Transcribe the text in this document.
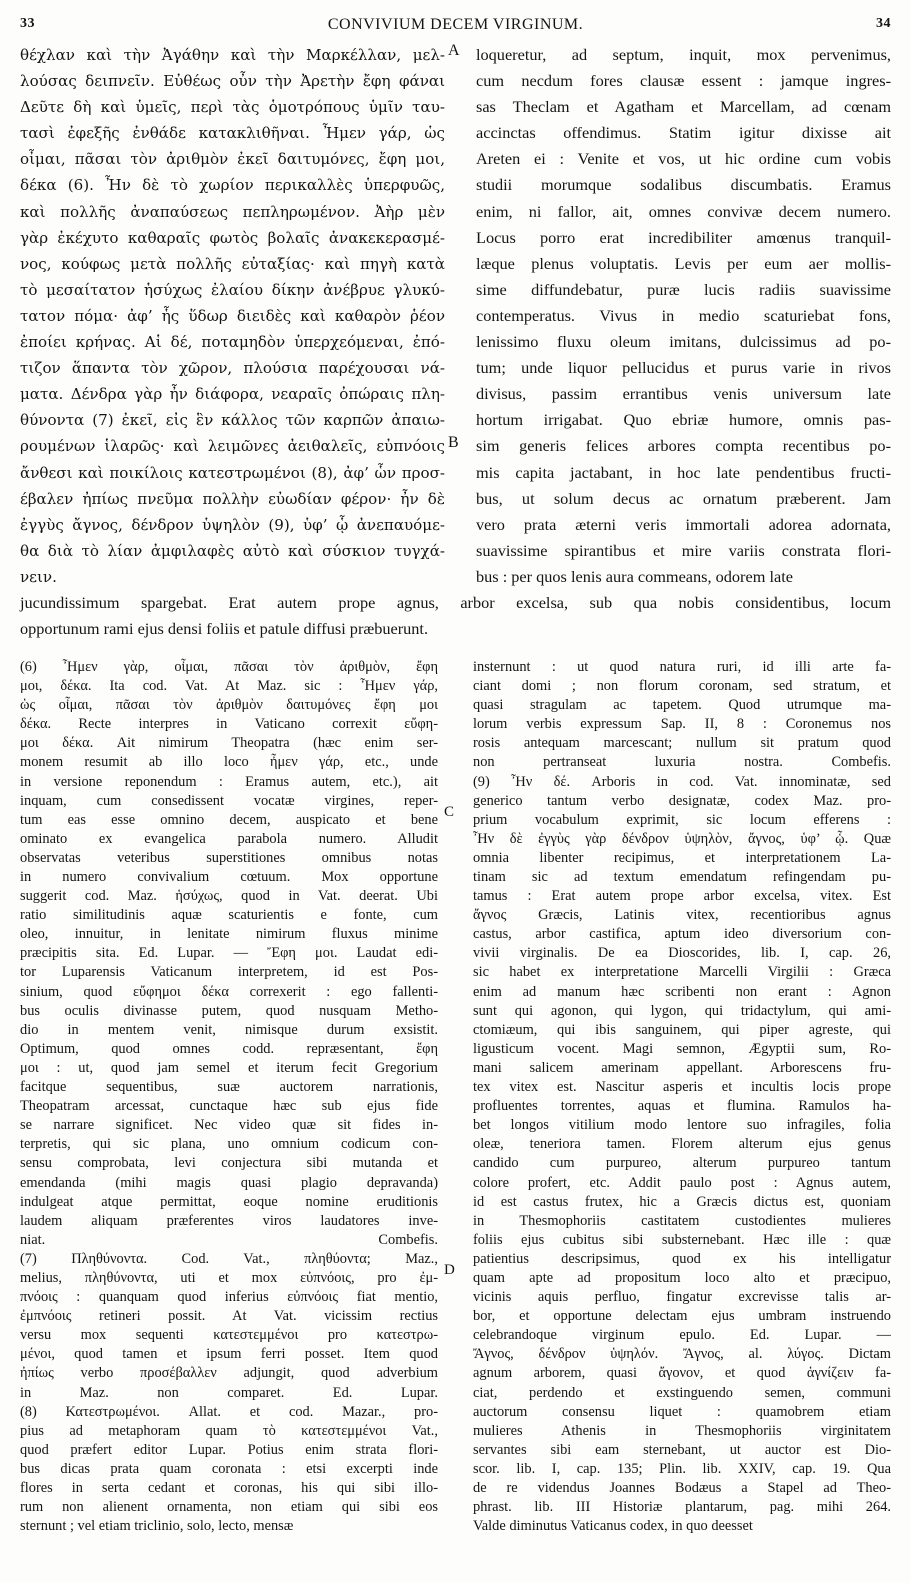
33	CONVIVIUM DECEM VIRGINUM.	34
θέχλαν καὶ τὴν Ἀγάθην καὶ τὴν Μαρκέλλαν, μελ-
λούσας δειπνεῖν. Εὐθέως οὖν τὴν Ἀρετὴν ἔφη φάναι
Δεῦτε δὴ καὶ ὑμεῖς, περὶ τὰς ὁμοτρόπους ὑμῖν ταυ-
τασὶ ἐφεξῆς ἐνθάδε κατακλιθῆναι. Ἦμεν γάρ, ὡς
οἶμαι, πᾶσαι τὸν ἀριθμὸν ἐκεῖ δαιτυμόνες, ἔφη μοι,
δέκα (6). Ἦν δὲ τὸ χωρίον περικαλλὲς ὑπερφυῶς,
καὶ πολλῆς ἀναπαύσεως πεπληρωμένον. Ἀὴρ μὲν
γὰρ ἐκέχυτο καθαραῖς φωτὸς βολαῖς ἀνακεκερασμέ-
νος, κούφως μετὰ πολλῆς εὐταξίας· καὶ πηγὴ κατὰ
τὸ μεσαίτατον ἡσύχως ἐλαίου δίκην ἀνέβρυε γλυκύ-
τατον πόμα· ἀφ’ ἧς ὕδωρ διειδὲς καὶ καθαρὸν ῥέον
ἐποίει κρήνας. Αἱ δέ, ποταμηδὸν ὑπερχεόμεναι, ἐπό-
τιζον ἅπαντα τὸν χῶρον, πλούσια παρέχουσαι νά-
ματα. Δένδρα γὰρ ἦν διάφορα, νεαραῖς ὀπώραις πλη-
θύνοντα (7) ἐκεῖ, εἰς ἓν κάλλος τῶν καρπῶν ἀπαιω-
ρουμένων ἱλαρῶς· καὶ λειμῶνες ἀειθαλεῖς, εὐπνόοις
ἄνθεσι καὶ ποικίλοις κατεστρωμένοι (8), ἀφ’ ὧν προσ-
έβαλεν ἠπίως πνεῦμα πολλὴν εὐωδίαν φέρον· ἦν δὲ
ἐγγὺς ἄγνος, δένδρον ὑψηλὸν (9), ὑφ’ ᾧ ἀνεπαυόμε-
θα διὰ τὸ λίαν ἀμφιλαφὲς αὐτὸ καὶ σύσκιον τυγχά-
νειν.
loqueretur, ad septum, inquit, mox pervenimus,
cum necdum fores clausæ essent : jamque ingres-
sas Theclam et Agatham et Marcellam, ad cœnam
accinctas offendimus. Statim igitur dixisse ait
Areten ei : Venite et vos, ut hic ordine cum vobis
studii morumque sodalibus discumbatis. Eramus
enim, ni fallor, ait, omnes convivæ decem numero.
Locus porro erat incredibiliter amœnus tranquil-
læque plenus voluptatis. Levis per eum aer mollis-
sime diffundebatur, puræ lucis radiis suavissime
contemperatus. Vivus in medio scaturiebat fons,
lenissimo fluxu oleum imitans, dulcissimus ad po-
tum; unde liquor pellucidus et purus varie in rivos
divisus, passim errantibus venis universum late
hortum irrigabat. Quo ebriæ humore, omnis pas-
sim generis felices arbores compta recentibus po-
mis capita jactabant, in hoc late pendentibus fructi-
bus, ut solum decus ac ornatum præberent. Jam
vero prata æterni veris immortali adorea adornata,
suavissime spirantibus et mire variis constrata flori-
bus : per quos lenis aura commeans, odorem late
A
B
jucundissimum spargebat. Erat autem prope agnus, arbor excelsa, sub qua nobis considentibus, locum
opportunum rami ejus densi foliis et patule diffusi præbuerunt.
(6) Ἦμεν γὰρ, οἶμαι, πᾶσαι τὸν ἀριθμὸν, ἔφη
μοι, δέκα. Ita cod. Vat. At Maz. sic : Ἦμεν γάρ,
ὡς οἶμαι, πᾶσαι τὸν ἀριθμὸν δαιτυμόνες ἔφη μοι
δέκα. Recte interpres in Vaticano correxit εὔφη-
μοι δέκα. Ait nimirum Theopatra (hæc enim ser-
monem resumit ab illo loco ἦμεν γάρ, etc., unde
in versione reponendum : Eramus autem, etc.), ait
inquam, cum consedissent vocatæ virgines, reper-
tum eas esse omnino decem, auspicato et bene
ominato ex evangelica parabola numero. Alludit
observatas veteribus superstitiones omnibus notas
in numero convivalium cœtuum. Mox opportune
suggerit cod. Maz. ἡσύχως, quod in Vat. deerat. Ubi
ratio similitudinis aquæ scaturientis e fonte, cum
oleo, innuitur, in lenitate nimirum fluxus minime
præcipitis sita. Ed. Lupar. — Ἔφη μοι. Laudat edi-
tor Luparensis Vaticanum interpretem, id est Pos-
sinium, quod εὔφημοι δέκα correxerit : ego fallenti-
bus oculis divinasse putem, quod nusquam Metho-
dio in mentem venit, nimisque durum exsistit.
Optimum, quod omnes codd. repræsentant, ἔφη
μοι : ut, quod jam semel et iterum fecit Gregorium
facitque sequentibus, suæ auctorem narrationis,
Theopatram arcessat, cunctaque hæc sub ejus fide
se narrare significet. Nec video quæ sit fides in-
terpretis, qui sic plana, uno omnium codicum con-
sensu comprobata, levi conjectura sibi mutanda et
emendanda (mihi magis quasi plagio depravanda)
indulgeat atque permittat, eoque nomine eruditionis
laudem aliquam præferentes viros laudatores inve-
niat. Combefis.
(7) Πληθύνοντα. Cod. Vat., πληθύοντα; Maz.,
melius, πληθύνοντα, uti et mox εὐπνόοις, pro ἐμ-
πνόοις : quanquam quod inferius εὐπνόοις fiat mentio,
ἐμπνόοις retineri possit. At Vat. vicissim rectius
versu mox sequenti κατεστεμμένοι pro κατεστρω-
μένοι, quod tamen et ipsum ferri posset. Item quod
ἠπίως verbo προσέβαλλεν adjungit, quod adverbium
in Maz. non comparet. Ed. Lupar.
(8) Κατεστρωμένοι. Allat. et cod. Mazar., pro-
pius ad metaphoram quam τὸ κατεστεμμένοι Vat.,
quod præfert editor Lupar. Potius enim strata flori-
bus dicas prata quam coronata : etsi excerpti inde
flores in serta cedant et coronas, his qui sibi illo-
rum non alienent ornamenta, non etiam qui sibi eos
sternunt ; vel etiam triclinio, solo, lecto, mensæ
insternunt : ut quod natura ruri, id illi arte fa-
ciant domi ; non florum coronam, sed stratum, et
quasi stragulam ac tapetem. Quod utrumque ma-
lorum verbis expressum Sap. II, 8 : Coronemus nos
rosis antequam marcescant; nullum sit pratum quod
non pertranseat luxuria nostra. Combefis.
(9) Ἦν δέ. Arboris in cod. Vat. innominatæ, sed
generico tantum verbo designatæ, codex Maz. pro-
prium vocabulum exprimit, sic locum efferens :
Ἦν δὲ ἐγγὺς γὰρ δένδρον ὑψηλὸν, ἄγνος, ὑφ’ ᾧ. Quæ
omnia libenter recipimus, et interpretationem La-
tinam sic ad textum emendatum refingendam pu-
tamus : Erat autem prope arbor excelsa, vitex. Est
ἄγνος Græcis, Latinis vitex, recentioribus agnus
castus, arbor castifica, aptum ideo diversorium con-
vivii virginalis. De ea Dioscorides, lib. I, cap. 26,
sic habet ex interpretatione Marcelli Virgilii : Græca
enim ad manum hæc scribenti non erant : Agnon
sunt qui agonon, qui lygon, qui tridactylum, qui ami-
ctomiæum, qui ibis sanguinem, qui piper agreste, qui
ligusticum vocent. Magi semnon, Ægyptii sum, Ro-
mani salicem amerinam appellant. Arborescens fru-
tex vitex est. Nascitur asperis et incultis locis prope
profluentes torrentes, aquas et flumina. Ramulos ha-
bet longos vitilium modo lentore suo infragiles, folia
oleæ, teneriora tamen. Florem alterum ejus genus
candido cum purpureo, alterum purpureo tantum
colore profert, etc. Addit paulo post : Agnus autem,
id est castus frutex, hic a Græcis dictus est, quoniam
in Thesmophoriis castitatem custodientes mulieres
foliis ejus cubitus sibi substernebant. Hæc ille : quæ
patientius descripsimus, quod ex his intelligatur
quam apte ad propositum loco alto et præcipuo,
vicinis aquis perfluo, fingatur excrevisse talis ar-
bor, et opportune delectam ejus umbram instruendo
celebrandoque virginum epulo. Ed. Lupar. —
Ἄγνος, δένδρον ὑψηλόν. Ἄγνος, al. λύγος. Dictam
agnum arborem, quasi ἄγονον, et quod ἁγνίζειν fa-
ciat, perdendo et exstinguendo semen, communi
auctorum consensu liquet : quamobrem etiam
mulieres Athenis in Thesmophoriis virginitatem
servantes sibi eam sternebant, ut auctor est Dio-
scor. lib. I, cap. 135; Plin. lib. XXIV, cap. 19. Qua
de re videndus Joannes Bodæus a Stapel ad Theo-
phrast. lib. III Historiæ plantarum, pag. mihi 264.
Valde diminutus Vaticanus codex, in quo deesset
C
D
